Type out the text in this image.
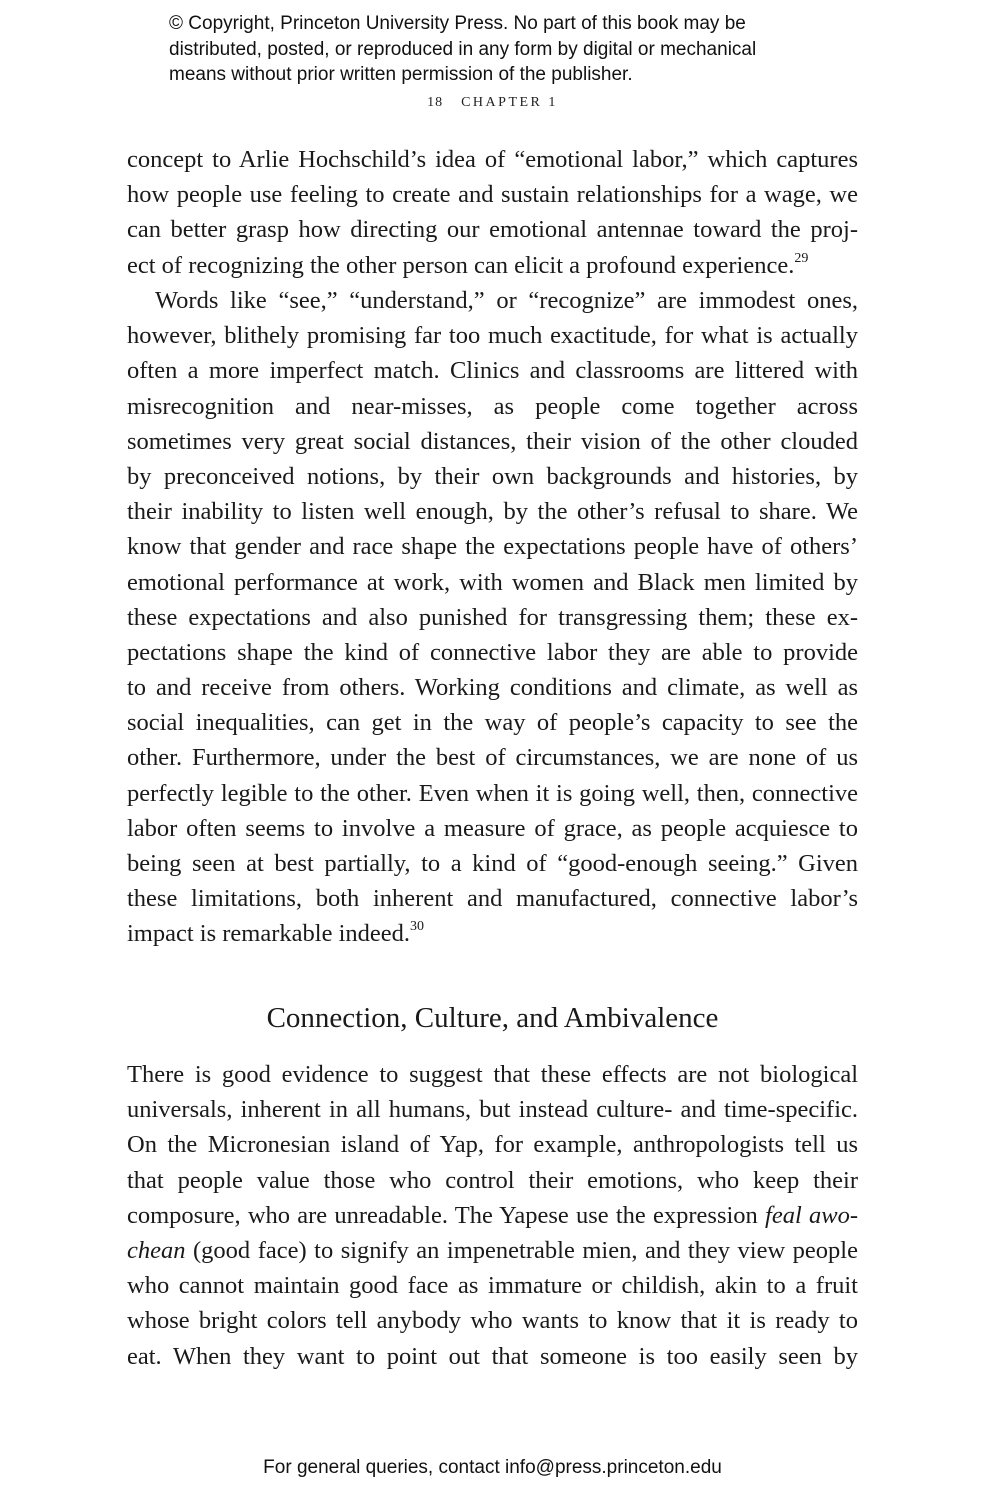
© Copyright, Princeton University Press. No part of this book may be
distributed, posted, or reproduced in any form by digital or mechanical
means without prior written permission of the publisher.
18 CHAPTER 1
concept to Arlie Hochschild’s idea of “emotional labor,” which captures
how people use feeling to create and sustain relationships for a wage, we
can better grasp how directing our emotional antennae toward the proj-
ect of recognizing the other person can elicit a profound experience.$^{29}$
Words like “see,” “understand,” or “recognize” are immodest ones,
however, blithely promising far too much exactitude, for what is actually
often a more imperfect match. Clinics and classrooms are littered with
misrecognition and near-misses, as people come together across
sometimes very great social distances, their vision of the other clouded
by preconceived notions, by their own backgrounds and histories, by
their inability to listen well enough, by the other’s refusal to share. We
know that gender and race shape the expectations people have of others’
emotional performance at work, with women and Black men limited by
these expectations and also punished for transgressing them; these ex-
pectations shape the kind of connective labor they are able to provide
to and receive from others. Working conditions and climate, as well as
social inequalities, can get in the way of people’s capacity to see the
other. Furthermore, under the best of circumstances, we are none of us
perfectly legible to the other. Even when it is going well, then, connective
labor often seems to involve a measure of grace, as people acquiesce to
being seen at best partially, to a kind of “good-enough seeing.” Given
these limitations, both inherent and manufactured, connective labor’s
impact is remarkable indeed.$^{30}$
Connection, Culture, and Ambivalence
There is good evidence to suggest that these effects are not biological
universals, inherent in all humans, but instead culture- and time-specific.
On the Micronesian island of Yap, for example, anthropologists tell us
that people value those who control their emotions, who keep their
composure, who are unreadable. The Yapese use the expression feal awo-
chean (good face) to signify an impenetrable mien, and they view people
who cannot maintain good face as immature or childish, akin to a fruit
whose bright colors tell anybody who wants to know that it is ready to
eat. When they want to point out that someone is too easily seen by
For general queries, contact info@press.princeton.edu
